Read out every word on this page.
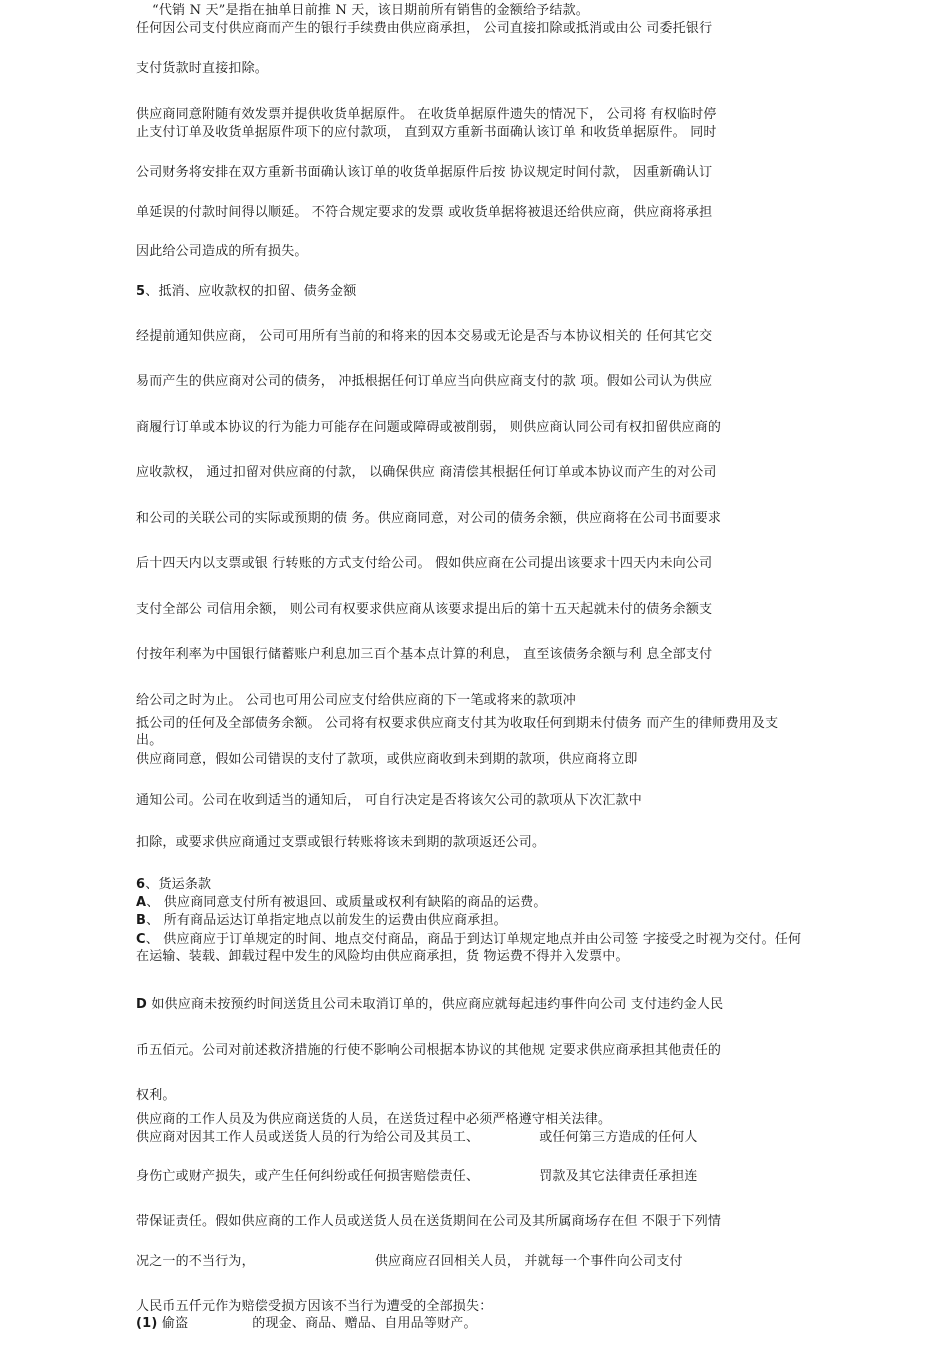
“代销 N 天”是指在抽单日前推 N 天，该日期前所有销售的金额给予结款。
任何因公司支付供应商而产生的银行手续费由供应商承担， 公司直接扣除或抵消或由公 司委托银行
支付货款时直接扣除。
供应商同意附随有效发票并提供收货单据原件。 在收货单据原件遗失的情况下， 公司将 有权临时停
止支付订单及收货单据原件项下的应付款项， 直到双方重新书面确认该订单 和收货单据原件。 同时
公司财务将安排在双方重新书面确认该订单的收货单据原件后按 协议规定时间付款， 因重新确认订
单延误的付款时间得以顺延。 不符合规定要求的发票 或收货单据将被退还给供应商，供应商将承担
因此给公司造成的所有损失。
5、抵消、应收款权的扣留、债务金额
经提前通知供应商， 公司可用所有当前的和将来的因本交易或无论是否与本协议相关的 任何其它交
易而产生的供应商对公司的债务， 冲抵根据任何订单应当向供应商支付的款 项。假如公司认为供应
商履行订单或本协议的行为能力可能存在问题或障碍或被削弱， 则供应商认同公司有权扣留供应商的
应收款权， 通过扣留对供应商的付款， 以确保供应 商清偿其根据任何订单或本协议而产生的对公司
和公司的关联公司的实际或预期的债 务。供应商同意，对公司的债务余额，供应商将在公司书面要求
后十四天内以支票或银 行转账的方式支付给公司。 假如供应商在公司提出该要求十四天内未向公司
支付全部公 司信用余额， 则公司有权要求供应商从该要求提出后的第十五天起就未付的债务余额支
付按年利率为中国银行储蓄账户利息加三百个基本点计算的利息， 直至该债务余额与利 息全部支付
给公司之时为止。 公司也可用公司应支付给供应商的下一笔或将来的款项冲
抵公司的任何及全部债务余额。 公司将有权要求供应商支付其为收取任何到期未付债务 而产生的律师费用及支出。
供应商同意，假如公司错误的支付了款项，或供应商收到未到期的款项，供应商将立即
通知公司。公司在收到适当的通知后， 可自行决定是否将该欠公司的款项从下次汇款中
扣除，或要求供应商通过支票或银行转账将该未到期的款项返还公司。
6、货运条款
A、 供应商同意支付所有被退回、或质量或权利有缺陷的商品的运费。
B、 所有商品运达订单指定地点以前发生的运费由供应商承担。
C、 供应商应于订单规定的时间、地点交付商品，商品于到达订单规定地点并由公司签 字接受之时视为交付。任何在运输、装载、卸载过程中发生的风险均由供应商承担，货 物运费不得并入发票中。
D 如供应商未按预约时间送货且公司未取消订单的，供应商应就每起违约事件向公司 支付违约金人民
币五佰元。公司对前述救济措施的行使不影响公司根据本协议的其他规 定要求供应商承担其他责任的
权利。
供应商的工作人员及为供应商送货的人员，在送货过程中必须严格遵守相关法律。
供应商对因其工作人员或送货人员的行为给公司及其员工、	或任何第三方造成的任何人
身伤亡或财产损失，或产生任何纠纷或任何损害赔偿责任、	罚款及其它法律责任承担连
带保证责任。假如供应商的工作人员或送货人员在送货期间在公司及其所属商场存在但 不限于下列情
况之一的不当行为，	供应商应召回相关人员， 并就每一个事件向公司支付
人民币五仟元作为赔偿受损方因该不当行为遭受的全部损失：
(1) 偷盗	的现金、商品、赠品、自用品等财产。
